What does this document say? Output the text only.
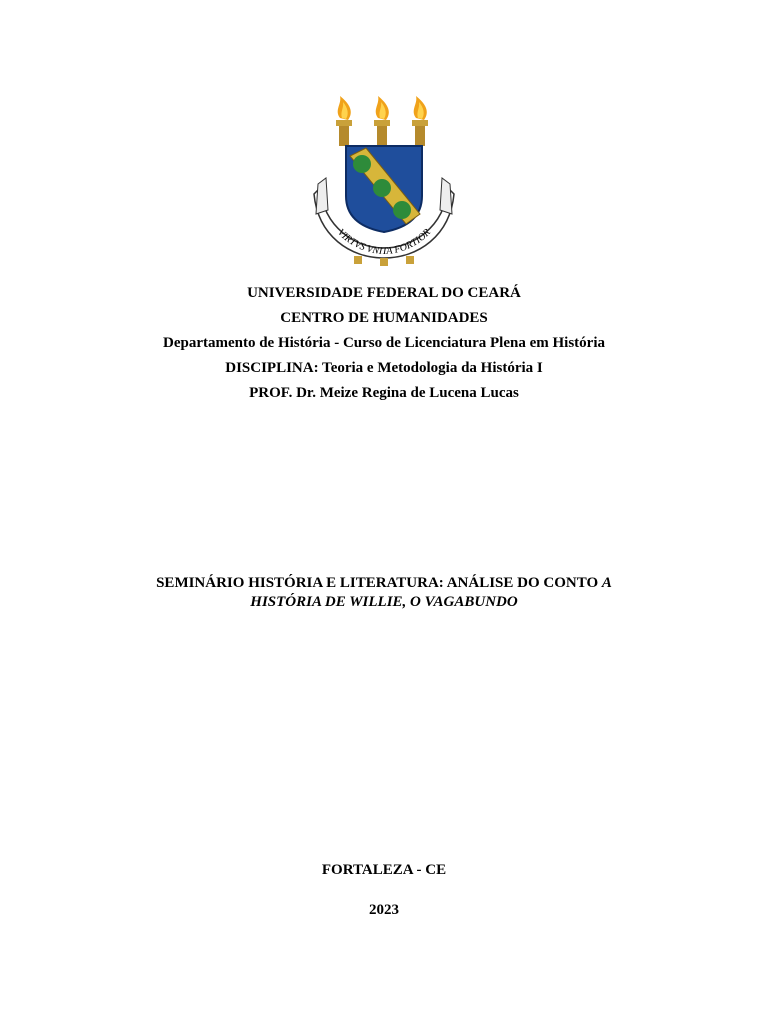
VIRTVS VNITA FORTIOR
UNIVERSIDADE FEDERAL DO CEARÁ
CENTRO DE HUMANIDADES
Departamento de História - Curso de Licenciatura Plena em História
DISCIPLINA: Teoria e Metodologia da História I
PROF. Dr. Meize Regina de Lucena Lucas
SEMINÁRIO HISTÓRIA E LITERATURA: ANÁLISE DO CONTO A HISTÓRIA DE WILLIE, O VAGABUNDO
FORTALEZA - CE
2023
